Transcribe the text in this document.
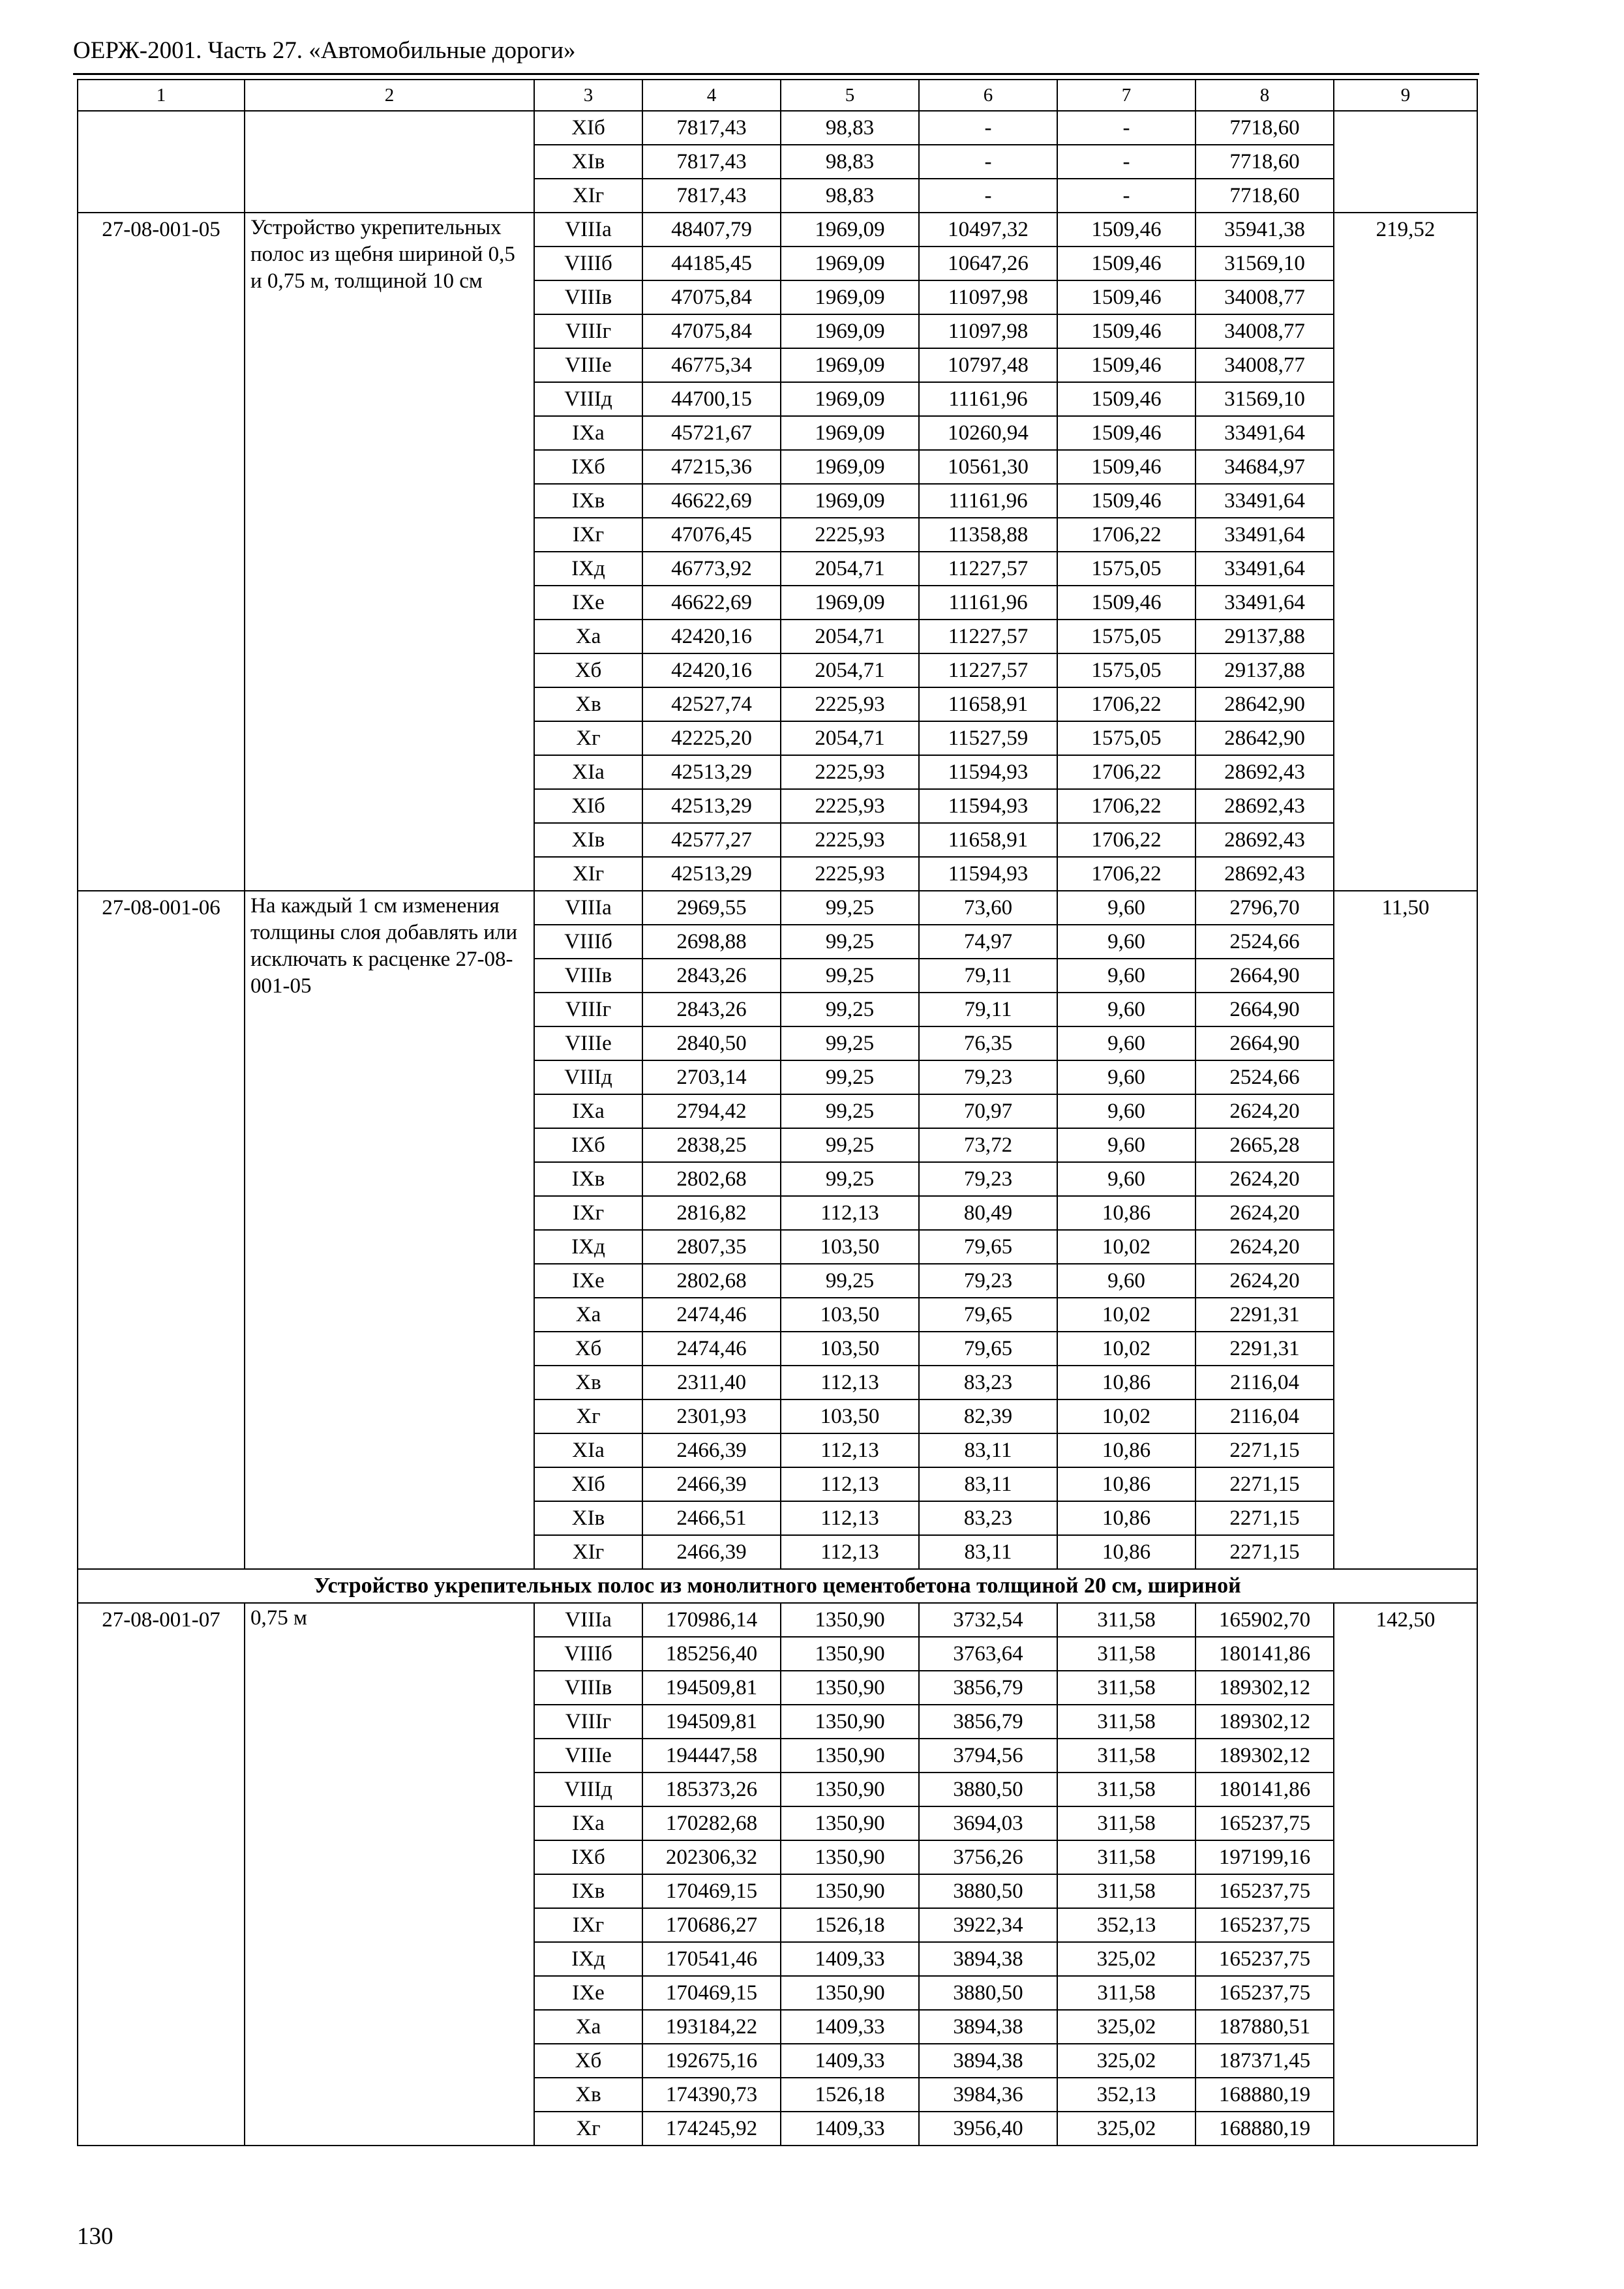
ОЕРЖ-2001. Часть 27. «Автомобильные дороги»
1	2	3	4	5	6	7	8	9
		XIб	7817,43	98,83	-	-	7718,60	
		XIв	7817,43	98,83	-	-	7718,60	
		XIг	7817,43	98,83	-	-	7718,60	
27-08-001-05	Устройство укрепительных полос из щебня шириной 0,5 и 0,75 м, толщиной 10 см	VIIIа	48407,79	1969,09	10497,32	1509,46	35941,38	219,52
		VIIIб	44185,45	1969,09	10647,26	1509,46	31569,10	
		VIIIв	47075,84	1969,09	11097,98	1509,46	34008,77	
		VIIIг	47075,84	1969,09	11097,98	1509,46	34008,77	
		VIIIе	46775,34	1969,09	10797,48	1509,46	34008,77	
		VIIIд	44700,15	1969,09	11161,96	1509,46	31569,10	
		IXа	45721,67	1969,09	10260,94	1509,46	33491,64	
		IXб	47215,36	1969,09	10561,30	1509,46	34684,97	
		IXв	46622,69	1969,09	11161,96	1509,46	33491,64	
		IXг	47076,45	2225,93	11358,88	1706,22	33491,64	
		IXд	46773,92	2054,71	11227,57	1575,05	33491,64	
		IXе	46622,69	1969,09	11161,96	1509,46	33491,64	
		Xа	42420,16	2054,71	11227,57	1575,05	29137,88	
		Xб	42420,16	2054,71	11227,57	1575,05	29137,88	
		Xв	42527,74	2225,93	11658,91	1706,22	28642,90	
		Xг	42225,20	2054,71	11527,59	1575,05	28642,90	
		XIа	42513,29	2225,93	11594,93	1706,22	28692,43	
		XIб	42513,29	2225,93	11594,93	1706,22	28692,43	
		XIв	42577,27	2225,93	11658,91	1706,22	28692,43	
		XIг	42513,29	2225,93	11594,93	1706,22	28692,43	
27-08-001-06	На каждый 1 см изменения толщины слоя добавлять или исключать к расценке 27-08-001-05	VIIIа	2969,55	99,25	73,60	9,60	2796,70	11,50
		VIIIб	2698,88	99,25	74,97	9,60	2524,66	
		VIIIв	2843,26	99,25	79,11	9,60	2664,90	
		VIIIг	2843,26	99,25	79,11	9,60	2664,90	
		VIIIе	2840,50	99,25	76,35	9,60	2664,90	
		VIIIд	2703,14	99,25	79,23	9,60	2524,66	
		IXа	2794,42	99,25	70,97	9,60	2624,20	
		IXб	2838,25	99,25	73,72	9,60	2665,28	
		IXв	2802,68	99,25	79,23	9,60	2624,20	
		IXг	2816,82	112,13	80,49	10,86	2624,20	
		IXд	2807,35	103,50	79,65	10,02	2624,20	
		IXе	2802,68	99,25	79,23	9,60	2624,20	
		Xа	2474,46	103,50	79,65	10,02	2291,31	
		Xб	2474,46	103,50	79,65	10,02	2291,31	
		Xв	2311,40	112,13	83,23	10,86	2116,04	
		Xг	2301,93	103,50	82,39	10,02	2116,04	
		XIа	2466,39	112,13	83,11	10,86	2271,15	
		XIб	2466,39	112,13	83,11	10,86	2271,15	
		XIв	2466,51	112,13	83,23	10,86	2271,15	
		XIг	2466,39	112,13	83,11	10,86	2271,15	
Устройство укрепительных полос из монолитного цементобетона толщиной 20 см, шириной								
27-08-001-07	0,75 м	VIIIа	170986,14	1350,90	3732,54	311,58	165902,70	142,50
		VIIIб	185256,40	1350,90	3763,64	311,58	180141,86	
		VIIIв	194509,81	1350,90	3856,79	311,58	189302,12	
		VIIIг	194509,81	1350,90	3856,79	311,58	189302,12	
		VIIIе	194447,58	1350,90	3794,56	311,58	189302,12	
		VIIIд	185373,26	1350,90	3880,50	311,58	180141,86	
		IXа	170282,68	1350,90	3694,03	311,58	165237,75	
		IXб	202306,32	1350,90	3756,26	311,58	197199,16	
		IXв	170469,15	1350,90	3880,50	311,58	165237,75	
		IXг	170686,27	1526,18	3922,34	352,13	165237,75	
		IXд	170541,46	1409,33	3894,38	325,02	165237,75	
		IXе	170469,15	1350,90	3880,50	311,58	165237,75	
		Xа	193184,22	1409,33	3894,38	325,02	187880,51	
		Xб	192675,16	1409,33	3894,38	325,02	187371,45	
		Xв	174390,73	1526,18	3984,36	352,13	168880,19	
		Xг	174245,92	1409,33	3956,40	325,02	168880,19	
130
